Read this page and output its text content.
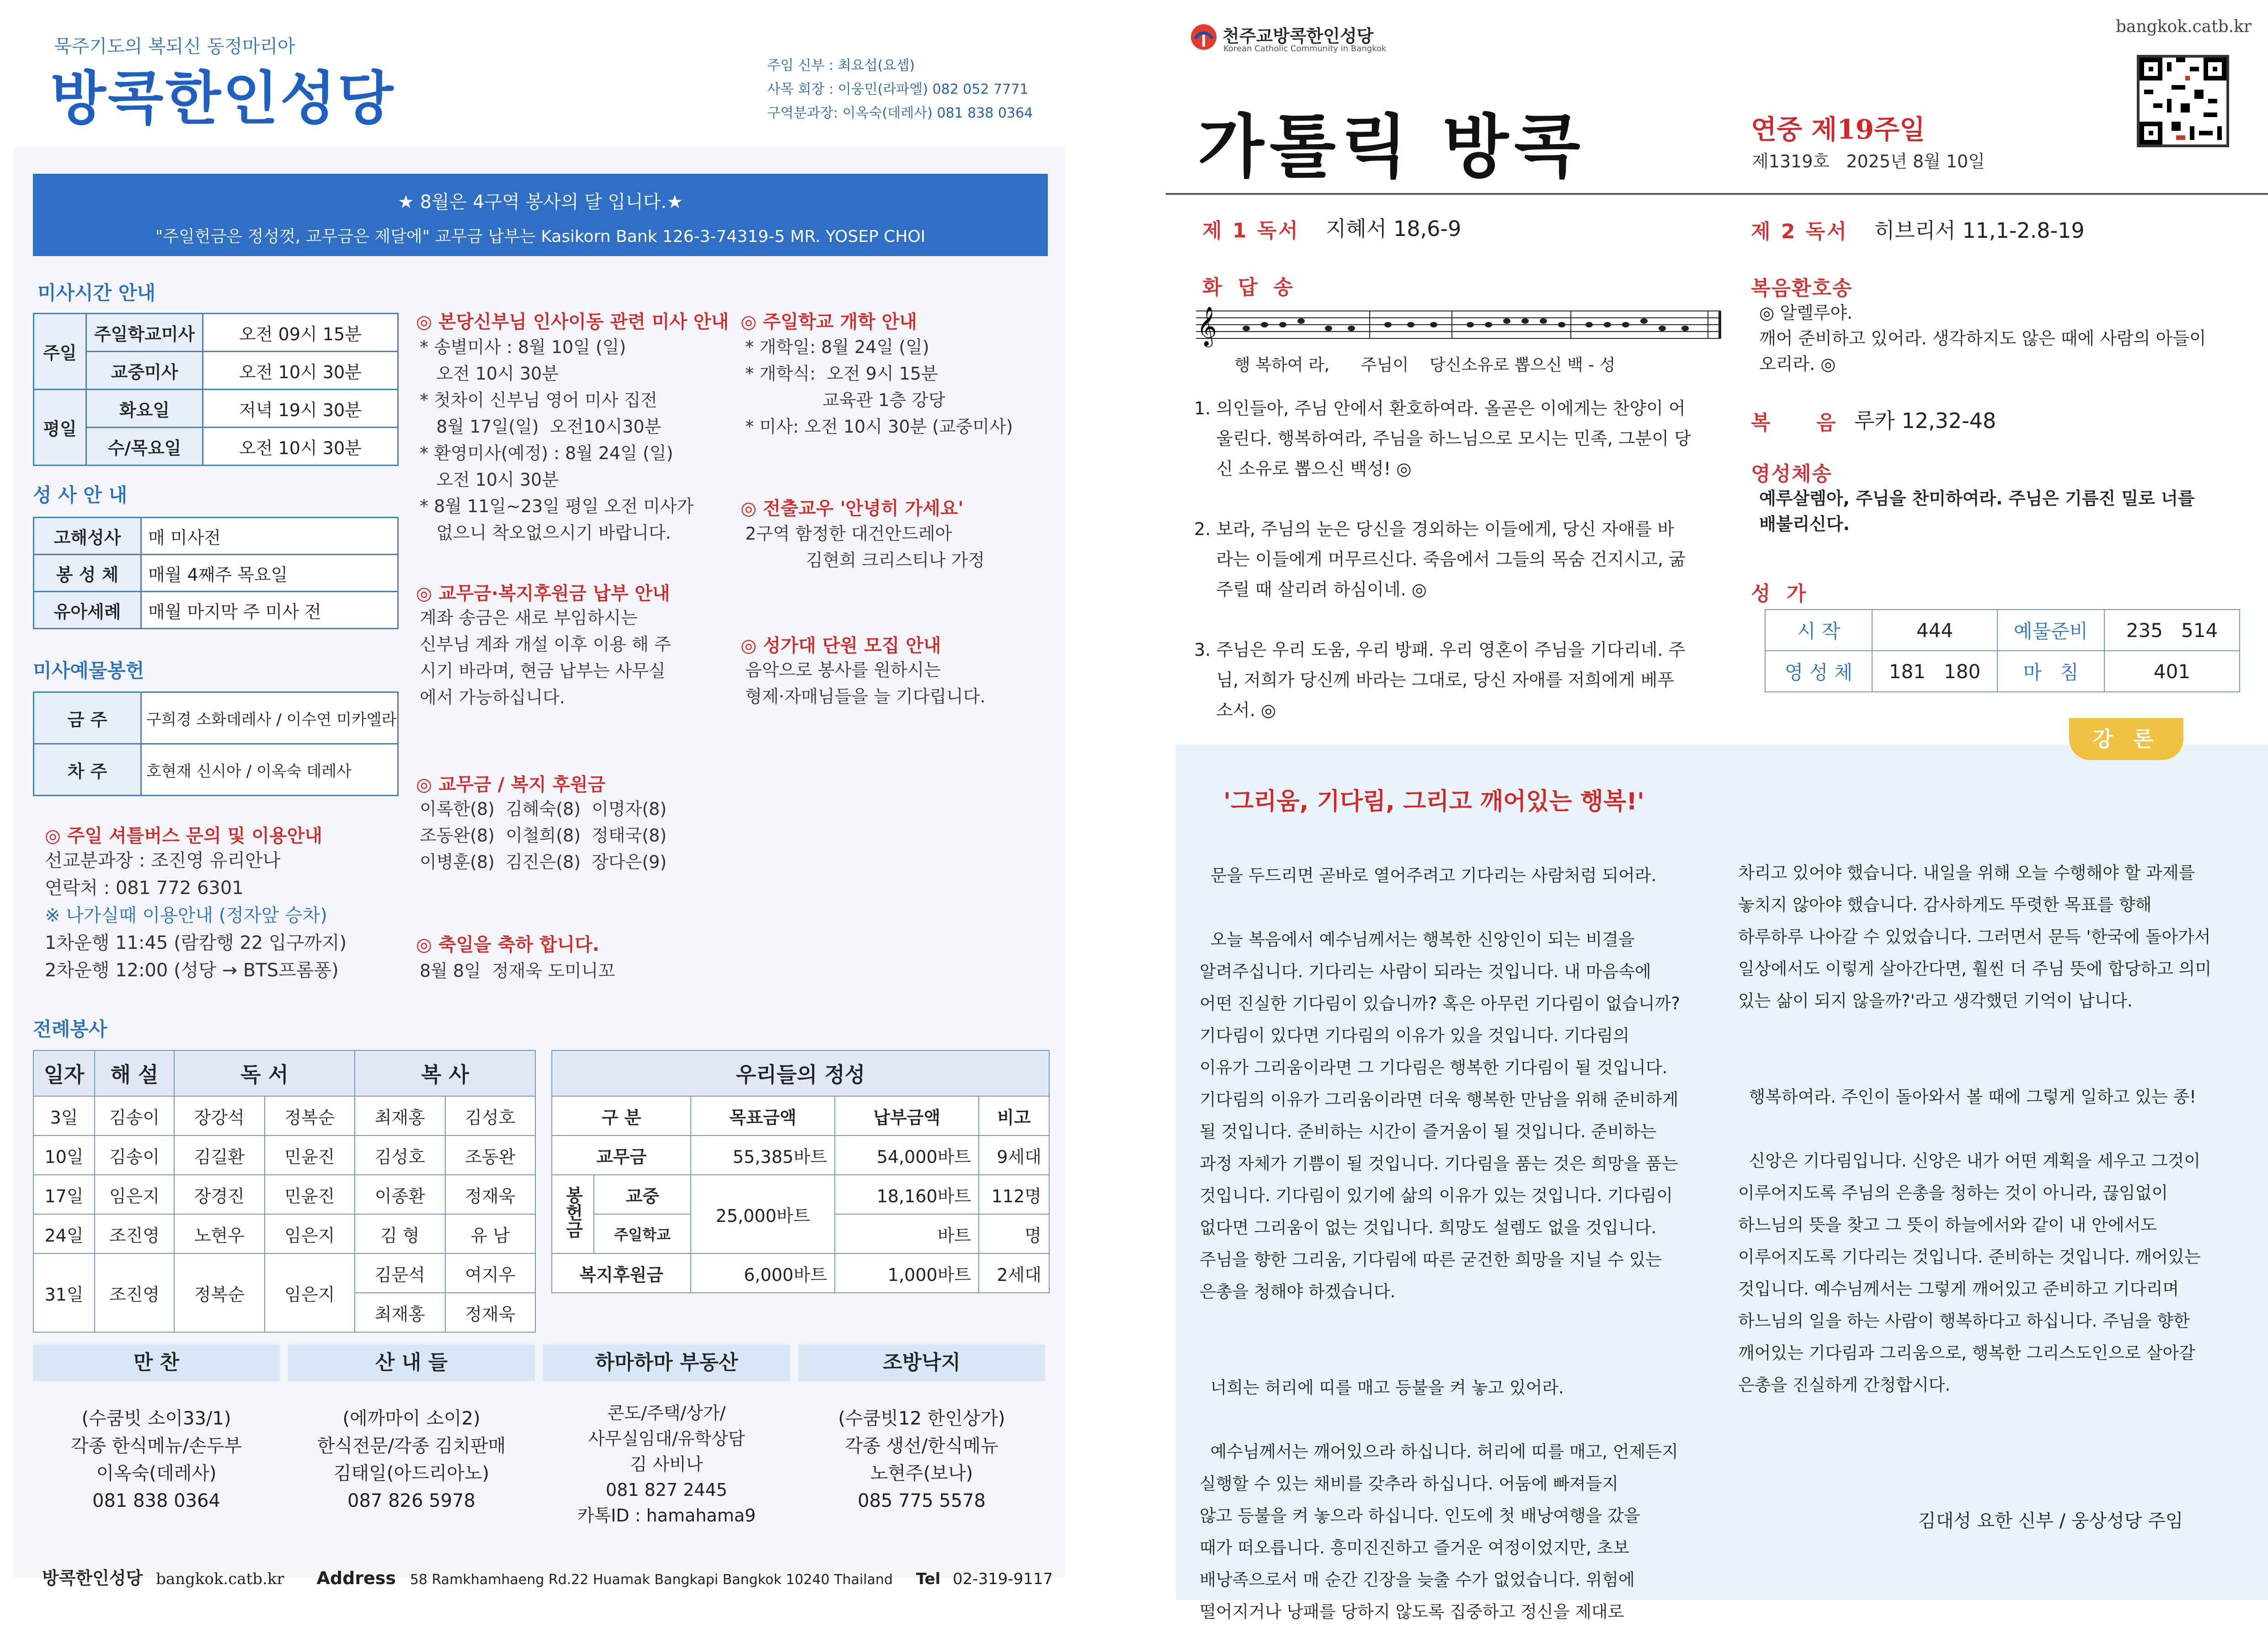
묵주기도의 복되신 동정마리아
방콕한인성당	주임 신부 : 최요섭(요셉)
사목 회장 : 이웅민(라파엘) 082 052 7771
구역분과장: 이옥숙(데레사) 081 838 0364
★ 8월은 4구역 봉사의 달 입니다.★
"주일헌금은 정성껏, 교무금은 제달에" 교무금 납부는 Kasikorn Bank 126-3-74319-5 MR. YOSEP CHOI
미사시간 안내
주일	주일학교미사	오전 09시 15분
	교중미사	오전 10시 30분
평일	화요일	저녁 19시 30분
	수/목요일	오전 10시 30분
성 사 안 내
고해성사	매 미사전
봉 성 체	매월 4째주 목요일
유아세례	매월 마지막 주 미사 전
미사예물봉헌
금 주	구희경 소화데레사 / 이수연 미카엘라
차 주	호현재 신시아 / 이옥숙 데레사
◎ 주일 셔틀버스 문의 및 이용안내
선교분과장 : 조진영 유리안나
연락처 : 081 772 6301
※ 나가실때 이용안내 (정자앞 승차)
1차운행 11:45 (람캄행 22 입구까지)
2차운행 12:00 (성당 → BTS프롬퐁)
◎ 본당신부님 인사이동 관련 미사 안내
* 송별미사 : 8월 10일 (일)
오전 10시 30분
* 첫차이 신부님 영어 미사 집전
8월 17일(일)  오전10시30분
* 환영미사(예정) : 8월 24일 (일)
오전 10시 30분
* 8월 11일~23일 평일 오전 미사가
없으니 착오없으시기 바랍니다.
◎ 교무금·복지후원금 납부 안내
계좌 송금은 새로 부임하시는
신부님 계좌 개설 이후 이용 해 주
시기 바라며, 현금 납부는 사무실
에서 가능하십니다.
◎ 교무금 / 복지 후원금
이록한(8)  김혜숙(8)  이명자(8)
조동완(8)  이철희(8)  정태국(8)
이병훈(8)  김진은(8)  장다은(9)
◎ 축일을 축하 합니다.
8월 8일  정재욱 도미니꼬
◎ 주일학교 개학 안내
* 개학일: 8월 24일 (일)
* 개학식:  오전 9시 15분
교육관 1층 강당
* 미사: 오전 10시 30분 (교중미사)
◎ 전출교우 '안녕히 가세요'
2구역 함정한 대건안드레아
김현희 크리스티나 가정
◎ 성가대 단원 모집 안내
음악으로 봉사를 원하시는
형제·자매님들을 늘 기다립니다.
전례봉사
일자	해 설	독 서		복 사	
3일	김송이	장강석	정복순	최재홍	김성호
10일	김송이	김길환	민윤진	김성호	조동완
17일	임은지	장경진	민윤진	이종환	정재욱
24일	조진영	노현우	임은지	김 형	유 남
31일	조진영	정복순	임은지	김문석	여지우
				최재홍	정재욱
우리들의 정성				
구 분		목표금액	납부금액	비고
교무금		55,385바트	54,000바트	9세대
봉헌금	교중	25,000바트	18,160바트	112명
	주일학교		바트	명
복지후원금		6,000바트	1,000바트	2세대
만 찬
(수쿰빗 소이33/1)
각종 한식메뉴/손두부
이옥숙(데레사)
081 838 0364
산 내 들
(에까마이 소이2)
한식전문/각종 김치판매
김태일(아드리아노)
087 826 5978
하마하마 부동산
콘도/주택/상가/
사무실임대/유학상담
김 사비나
081 827 2445
카톡ID : hamahama9
조방낙지
(수쿰빗12 한인상가)
각종 생선/한식메뉴
노현주(보나)
085 775 5578
방콕한인성당 bangkok.catb.kr Address 58 Ramkhamhaeng Rd.22 Huamak Bangkapi Bangkok 10240 Thailand Tel 02-319-9117
천주교방콕한인성당
Korean Catholic Community in Bangkok
bangkok.catb.kr
가톨릭 방콕	연중 제19주일
제1319호   2025년 8월 10일
제 1 독서 지혜서 18,6-9
화 답 송
𝄞
행 복하여 라,      주님이    당신소유로 뽑으신 백 - 성
1. 의인들아, 주님 안에서 환호하여라. 올곧은 이에게는 찬양이 어
울린다. 행복하여라, 주님을 하느님으로 모시는 민족, 그분이 당
신 소유로 뽑으신 백성! ◎

2. 보라, 주님의 눈은 당신을 경외하는 이들에게, 당신 자애를 바
라는 이들에게 머무르신다. 죽음에서 그들의 목숨 건지시고, 굶
주릴 때 살리려 하심이네. ◎

3. 주님은 우리 도움, 우리 방패. 우리 영혼이 주님을 기다리네. 주
님, 저희가 당신께 바라는 그대로, 당신 자애를 저희에게 베푸
소서. ◎
제 2 독서 히브리서 11,1-2.8-19
복음환호송
◎ 알렐루야.
깨어 준비하고 있어라. 생각하지도 않은 때에 사람의 아들이
오리라. ◎
복     음 루카 12,32-48
영성체송
예루살렘아, 주님을 찬미하여라. 주님은 기름진 밀로 너를
배불리신다.
성 가
시 작	444	예물준비	235   514
영 성 체	181   180	마   침	401
강 론
'그리움, 기다림, 그리고 깨어있는 행복!'
문을 두드리면 곧바로 열어주려고 기다리는 사람처럼 되어라.

오늘 복음에서 예수님께서는 행복한 신앙인이 되는 비결을
알려주십니다. 기다리는 사람이 되라는 것입니다. 내 마음속에
어떤 진실한 기다림이 있습니까? 혹은 아무런 기다림이 없습니까?
기다림이 있다면 기다림의 이유가 있을 것입니다. 기다림의
이유가 그리움이라면 그 기다림은 행복한 기다림이 될 것입니다.
기다림의 이유가 그리움이라면 더욱 행복한 만남을 위해 준비하게
될 것입니다. 준비하는 시간이 즐거움이 될 것입니다. 준비하는
과정 자체가 기쁨이 될 것입니다. 기다림을 품는 것은 희망을 품는
것입니다. 기다림이 있기에 삶의 이유가 있는 것입니다. 기다림이
없다면 그리움이 없는 것입니다. 희망도 설렘도 없을 것입니다.
주님을 향한 그리움, 기다림에 따른 굳건한 희망을 지닐 수 있는
은총을 청해야 하겠습니다.

너희는 허리에 띠를 매고 등불을 켜 놓고 있어라.

예수님께서는 깨어있으라 하십니다. 허리에 띠를 매고, 언제든지
실행할 수 있는 채비를 갖추라 하십니다. 어둠에 빠져들지
않고 등불을 켜 놓으라 하십니다. 인도에 첫 배낭여행을 갔을
때가 떠오릅니다. 흥미진진하고 즐거운 여정이었지만, 초보
배낭족으로서 매 순간 긴장을 늦출 수가 없었습니다. 위험에
떨어지거나 낭패를 당하지 않도록 집중하고 정신을 제대로
차리고 있어야 했습니다. 내일을 위해 오늘 수행해야 할 과제를
놓치지 않아야 했습니다. 감사하게도 뚜렷한 목표를 향해
하루하루 나아갈 수 있었습니다. 그러면서 문득 '한국에 돌아가서
일상에서도 이렇게 살아간다면, 훨씬 더 주님 뜻에 합당하고 의미
있는 삶이 되지 않을까?'라고 생각했던 기억이 납니다.

행복하여라. 주인이 돌아와서 볼 때에 그렇게 일하고 있는 종!

신앙은 기다림입니다. 신앙은 내가 어떤 계획을 세우고 그것이
이루어지도록 주님의 은총을 청하는 것이 아니라, 끊임없이
하느님의 뜻을 찾고 그 뜻이 하늘에서와 같이 내 안에서도
이루어지도록 기다리는 것입니다. 준비하는 것입니다. 깨어있는
것입니다. 예수님께서는 그렇게 깨어있고 준비하고 기다리며
하느님의 일을 하는 사람이 행복하다고 하십니다. 주님을 향한
깨어있는 기다림과 그리움으로, 행복한 그리스도인으로 살아갈
은총을 진실하게 간청합시다.
김대성 요한 신부 / 웅상성당 주임
